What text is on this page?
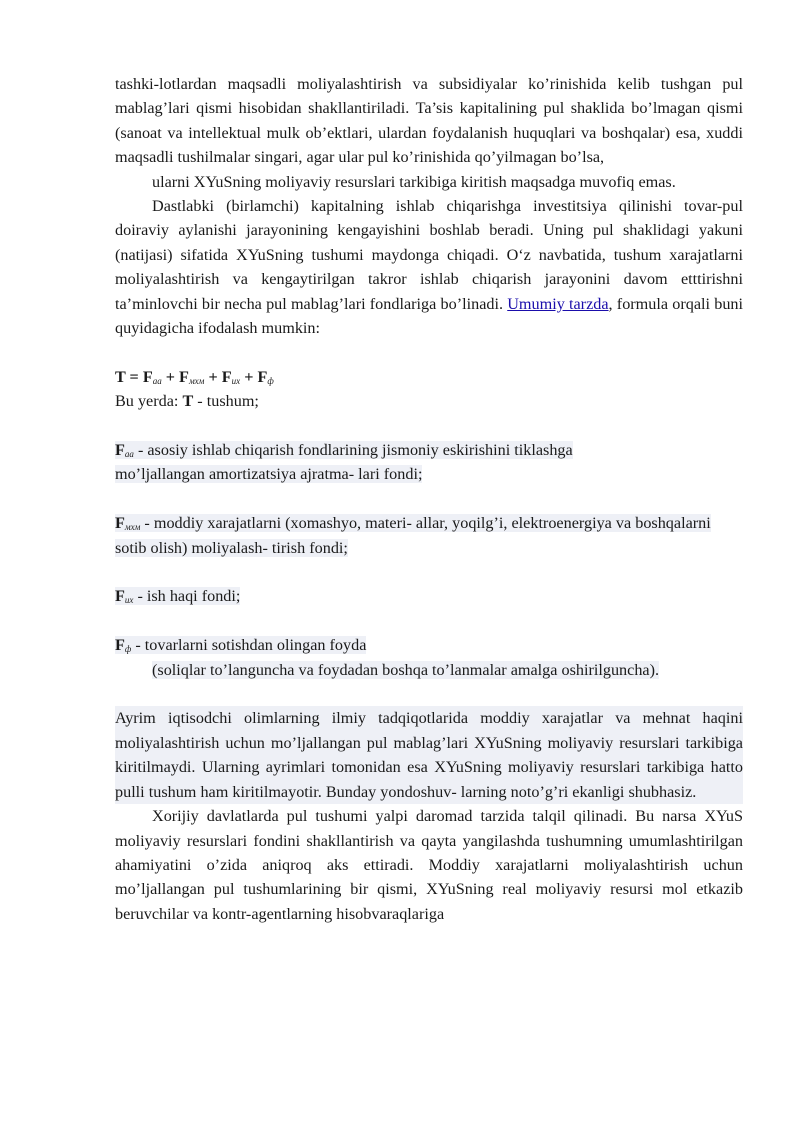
tashki-lotlardan maqsadli moliyalashtirish va subsidiyalar ko’rinishida kelib tushgan pul mablag’lari qismi hisobidan shakllantiriladi. Ta’sis kapitalining pul shaklida bo’lmagan qismi (sanoat va intellektual mulk ob’ektlari, ulardan foydalanish huquqlari va boshqalar) esa, xuddi maqsadli tushilmalar singari, agar ular pul ko’rinishida qo’yilmagan bo’lsa,

ularni XYuSning moliyaviy resurslari tarkibiga kiritish maqsadga muvofiq emas.

Dastlabki (birlamchi) kapitalning ishlab chiqarishga investitsiya qilinishi tovar-pul doiraviy aylanishi jarayonining kengayishini boshlab beradi. Uning pul shaklidagi yakuni (natijasi) sifatida XYuSning tushumi maydonga chiqadi. O‘z navbatida, tushum xarajatlarni moliyalashtirish va kengaytirilgan takror ishlab chiqarish jarayonini davom etttirishni ta’minlovchi bir necha pul mablag’lari fondlariga bo’linadi. Umumiy tarzda, formula orqali buni quyidagicha ifodalash mumkin:

$T = F_{аа} + F_{мхм} + F_{иx} + F_ф$

Bu yerda: T - tushum;

$F_{аа}$ - asosiy ishlab chiqarish fondlarining jismoniy eskirishini tiklashga mo’ljallangan amortizatsiya ajratma- lari fondi;

$F_{мхм}$ - moddiy xarajatlarni (xomashyo, materi- allar, yoqilg’i, elektroenergiya va boshqalarni sotib olish) moliyalash- tirish fondi;

$F_{иx}$ - ish haqi fondi;

$F_ф$ - tovarlarni sotishdan olingan foyda

(soliqlar to’languncha va foydadan boshqa to’lanmalar amalga oshirilguncha).

Ayrim iqtisodchi olimlarning ilmiy tadqiqotlarida moddiy xarajatlar va mehnat haqini moliyalashtirish uchun mo’ljallangan pul mablag’lari XYuSning moliyaviy resurslari tarkibiga kiritilmaydi. Ularning ayrimlari tomonidan esa XYuSning moliyaviy resurslari tarkibiga hatto pulli tushum ham kiritilmayotir. Bunday yondoshuv- larning noto’g’ri ekanligi shubhasiz.

Xorijiy davlatlarda pul tushumi yalpi daromad tarzida talqil qilinadi. Bu narsa XYuS moliyaviy resurslari fondini shakllantirish va qayta yangilashda tushumning umumlashtirilgan ahamiyatini o’zida aniqroq aks ettiradi. Moddiy xarajatlarni moliyalashtirish uchun mo’ljallangan pul tushumlarining bir qismi, XYuSning real moliyaviy resursi mol etkazib beruvchilar va kontr-agentlarning hisobvaraqlariga
